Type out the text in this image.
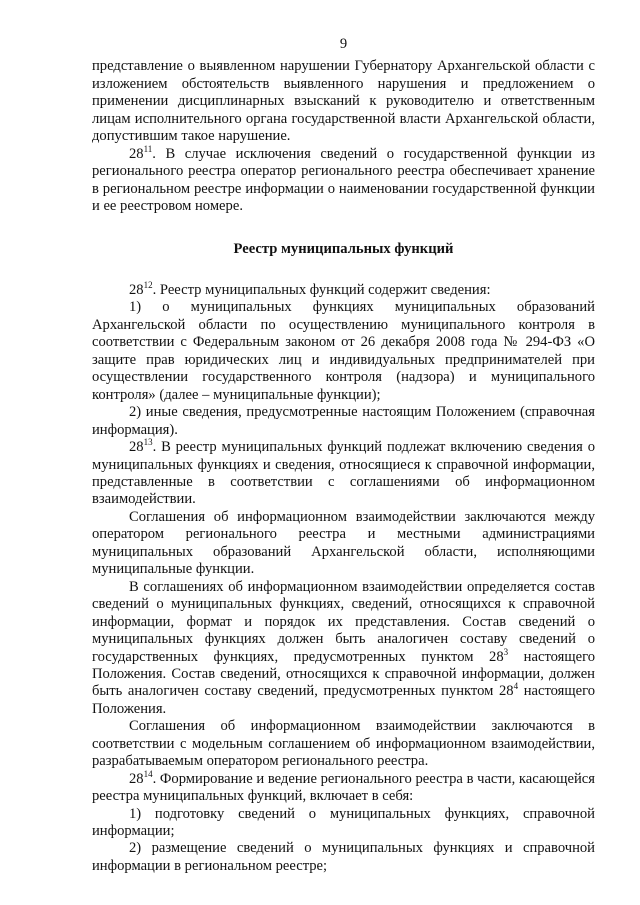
9

представление о выявленном нарушении Губернатору Архангельской области с изложением обстоятельств выявленного нарушения и предложением о применении дисциплинарных взысканий к руководителю и ответственным лицам исполнительного органа государственной власти Архангельской области, допустившим такое нарушение.

$28^{11}$. В случае исключения сведений о государственной функции из регионального реестра оператор регионального реестра обеспечивает хранение в региональном реестре информации о наименовании государственной функции и ее реестровом номере.

Реестр муниципальных функций

$28^{12}$. Реестр муниципальных функций содержит сведения:

1) о муниципальных функциях муниципальных образований Архангельской области по осуществлению муниципального контроля в соответствии с Федеральным законом от 26 декабря 2008 года № 294-ФЗ «О защите прав юридических лиц и индивидуальных предпринимателей при осуществлении государственного контроля (надзора) и муниципального контроля» (далее – муниципальные функции);

2) иные сведения, предусмотренные настоящим Положением (справочная информация).

$28^{13}$. В реестр муниципальных функций подлежат включению сведения о муниципальных функциях и сведения, относящиеся к справочной информации, представленные в соответствии с соглашениями об информационном взаимодействии.

Соглашения об информационном взаимодействии заключаются между оператором регионального реестра и местными администрациями муниципальных образований Архангельской области, исполняющими муниципальные функции.

В соглашениях об информационном взаимодействии определяется состав сведений о муниципальных функциях, сведений, относящихся к справочной информации, формат и порядок их представления. Состав сведений о муниципальных функциях должен быть аналогичен составу сведений о государственных функциях, предусмотренных пунктом $28^3$ настоящего Положения. Состав сведений, относящихся к справочной информации, должен быть аналогичен составу сведений, предусмотренных пунктом $28^4$ настоящего Положения.

Соглашения об информационном взаимодействии заключаются в соответствии с модельным соглашением об информационном взаимодействии, разрабатываемым оператором регионального реестра.

$28^{14}$. Формирование и ведение регионального реестра в части, касающейся реестра муниципальных функций, включает в себя:

1) подготовку сведений о муниципальных функциях, справочной информации;

2) размещение сведений о муниципальных функциях и справочной информации в региональном реестре;
